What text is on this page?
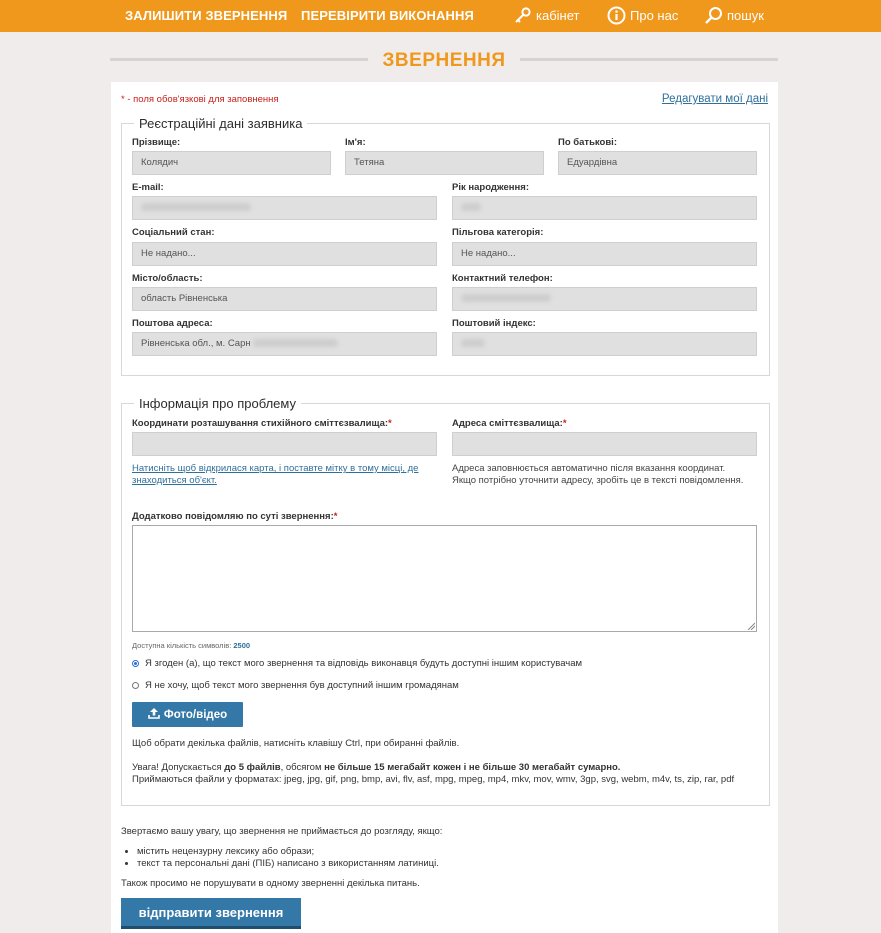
ЗАЛИШИТИ ЗВЕРНЕННЯ ПЕРЕВІРИТИ ВИКОНАННЯ	кабінет	Про нас	пошук
ЗВЕРНЕННЯ
* - поля обов'язкові для заповнення	Редагувати мої дані
Реєстраційні дані заявника
Прізвище:
Колядич
Ім'я:
Тетяна
По батькові:
Едуардівна
E-mail:	Рік народження:
Соціальний стан:
Не надано...
Пільгова категорія:
Не надано...
Місто/область:
область Рівненська
Контактний телефон:
Поштова адреса:
Рівненська обл., м. Сарн
Поштовий індекс:
Інформація про проблему
Координати розташування стихійного сміттєзвалища:*	Адреса сміттєзвалища:*
Натисніть щоб відкрилася карта, і поставте мітку в тому місці, де
знаходиться об'єкт.
Адреса заповнюється автоматично після вказання координат.
Якщо потрібно уточнити адресу, зробіть це в тексті повідомлення.
Додатково повідомляю по суті звернення:*
Доступна кількість символів: 2500
Я згоден (а), що текст мого звернення та відповідь виконавця будуть доступні іншим користувачам
Я не хочу, щоб текст мого звернення був доступний іншим громадянам
Фото/відео
Щоб обрати декілька файлів, натисніть клавішу Ctrl, при обиранні файлів.
Увага! Допускається до 5 файлів, обсягом не більше 15 мегабайт кожен і не більше 30 мегабайт сумарно.
Приймаються файли у форматах: jpeg, jpg, gif, png, bmp, avi, flv, asf, mpg, mpeg, mp4, mkv, mov, wmv, 3gp, svg, webm, m4v, ts, zip, rar, pdf
Звертаємо вашу увагу, що звернення не приймається до розгляду, якщо:
• містить нецензурну лексику або образи;
• текст та персональні дані (ПІБ) написано з використанням латиниці.
Також просимо не порушувати в одному зверненні декілька питань.
відправити звернення
